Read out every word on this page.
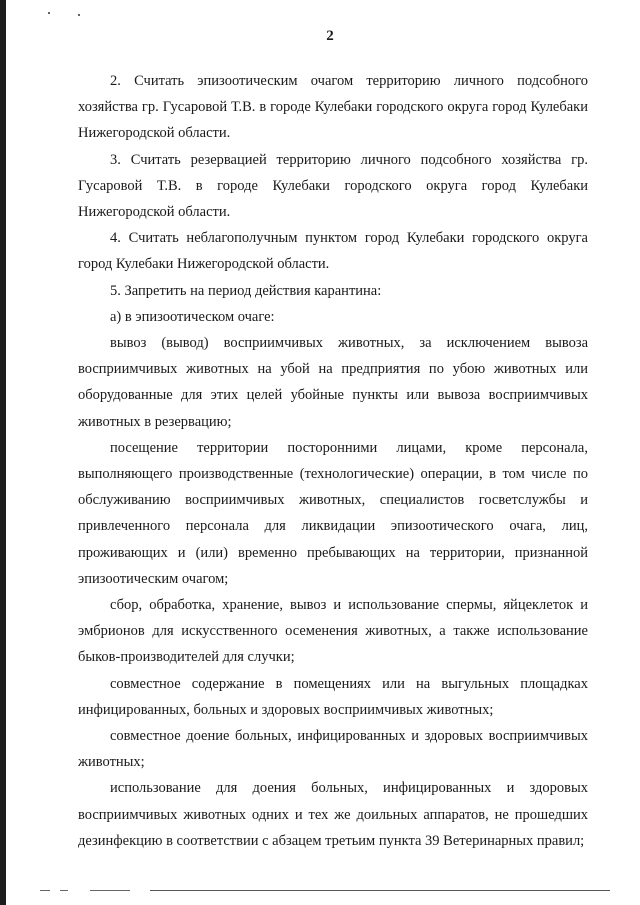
2

2. Считать эпизоотическим очагом территорию личного подсобного хозяйства гр. Гусаровой Т.В. в городе Кулебаки городского округа город Кулебаки Нижегородской области.

3. Считать резервацией территорию личного подсобного хозяйства гр. Гусаровой Т.В. в городе Кулебаки городского округа город Кулебаки Нижегородской области.

4. Считать неблагополучным пунктом город Кулебаки городского округа город Кулебаки Нижегородской области.

5. Запретить на период действия карантина:

а) в эпизоотическом очаге:

вывоз (вывод) восприимчивых животных, за исключением вывоза восприимчивых животных на убой на предприятия по убою животных или оборудованные для этих целей убойные пункты или вывоза восприимчивых животных в резервацию;

посещение территории посторонними лицами, кроме персонала, выполняющего производственные (технологические) операции, в том числе по обслуживанию восприимчивых животных, специалистов госветслужбы и привлеченного персонала для ликвидации эпизоотического очага, лиц, проживающих и (или) временно пребывающих на территории, признанной эпизоотическим очагом;

сбор, обработка, хранение, вывоз и использование спермы, яйцеклеток и эмбрионов для искусственного осеменения животных, а также использование быков-производителей для случки;

совместное содержание в помещениях или на выгульных площадках инфицированных, больных и здоровых восприимчивых животных;

совместное доение больных, инфицированных и здоровых восприимчивых животных;

использование для доения больных, инфицированных и здоровых восприимчивых животных одних и тех же доильных аппаратов, не прошедших дезинфекцию в соответствии с абзацем третьим пункта 39 Ветеринарных правил;
